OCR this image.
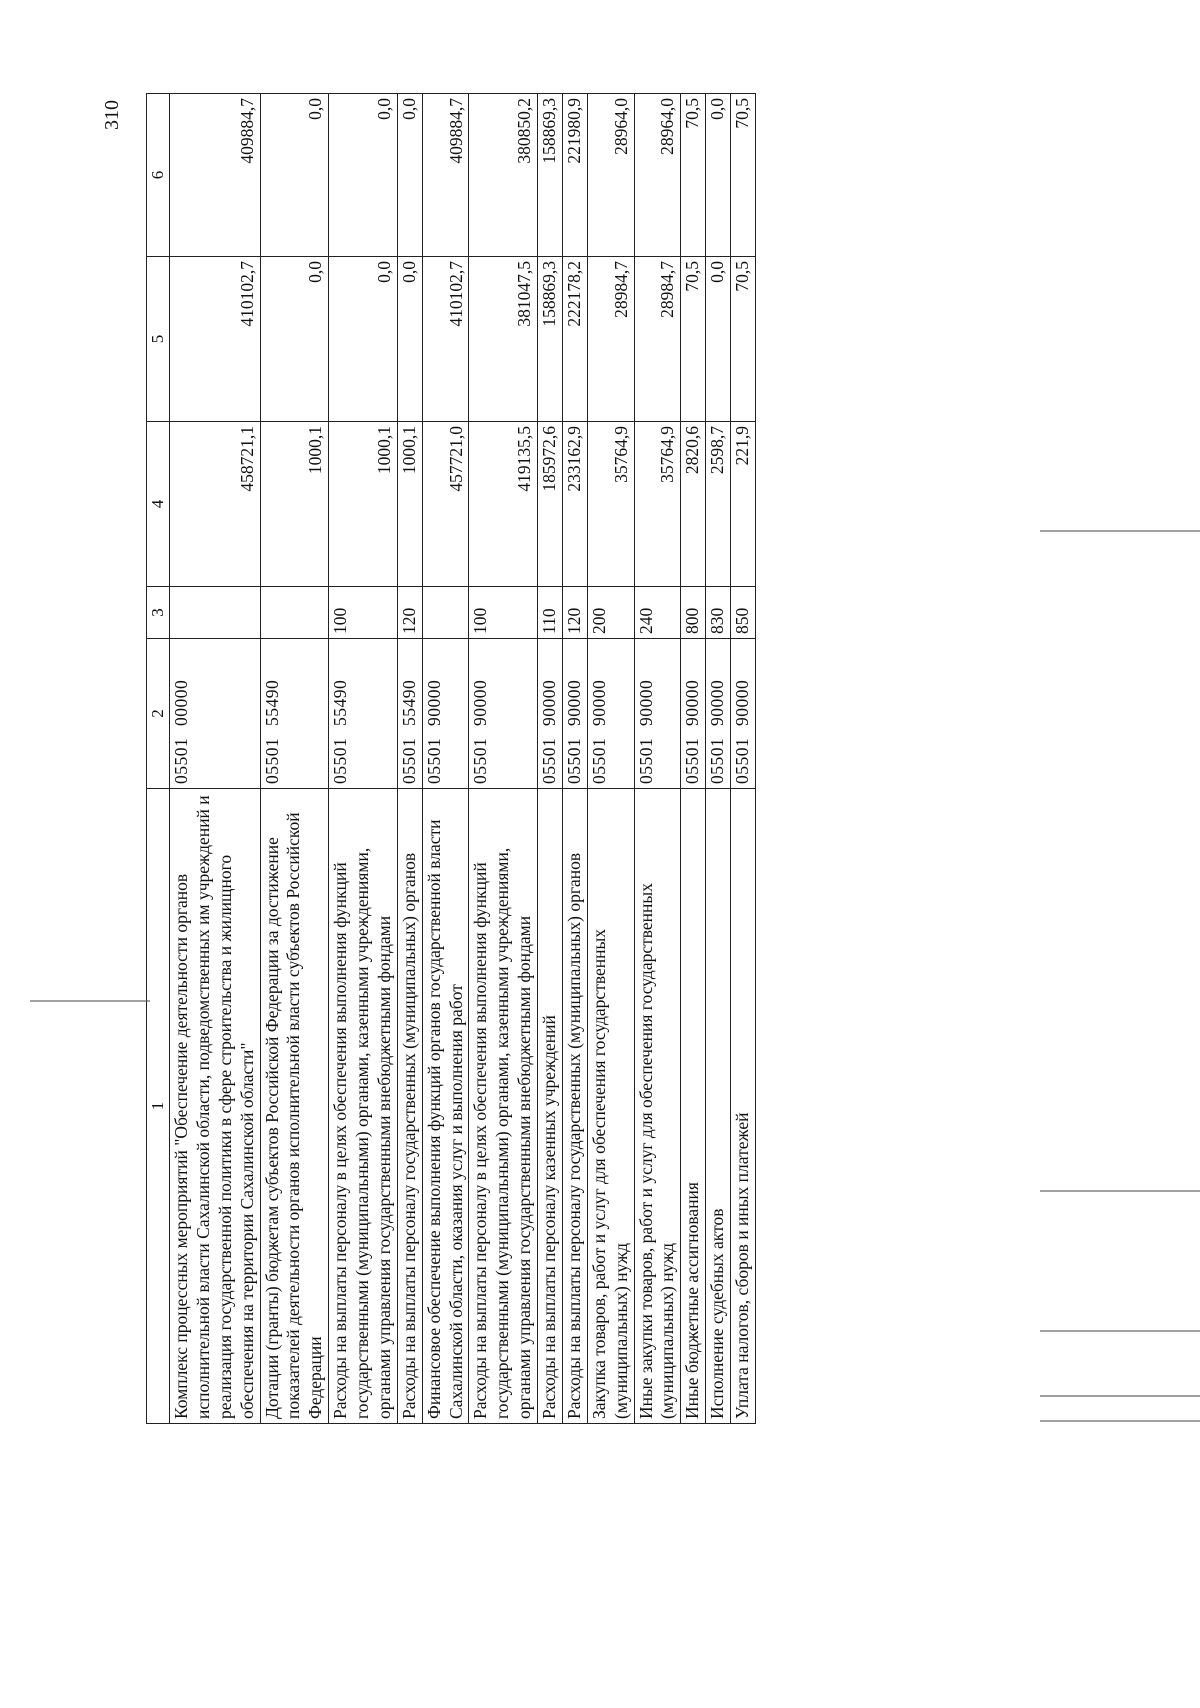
310
1	2	3	4	5	6
Комплекс процессных мероприятий "Обеспечение деятельности органов исполнительной власти Сахалинской области, подведомственных им учреждений и реализация государственной политики в сфере строительства и жилищного обеспечения на территории Сахалинской области"	0550100000		458721,1	410102,7	409884,7
Дотации (гранты) бюджетам субъектов Российской Федерации за достижение показателей деятельности органов исполнительной власти субъектов Российской Федерации	0550155490		1000,1	0,0	0,0
Расходы на выплаты персоналу в целях обеспечения выполнения функций государственными (муниципальными) органами, казенными учреждениями, органами управления государственными внебюджетными фондами	0550155490	100	1000,1	0,0	0,0
Расходы на выплаты персоналу государственных (муниципальных) органов	0550155490	120	1000,1	0,0	0,0
Финансовое обеспечение выполнения функций органов государственной власти Сахалинской области, оказания услуг и выполнения работ	0550190000		457721,0	410102,7	409884,7
Расходы на выплаты персоналу в целях обеспечения выполнения функций государственными (муниципальными) органами, казенными учреждениями, органами управления государственными внебюджетными фондами	0550190000	100	419135,5	381047,5	380850,2
Расходы на выплаты персоналу казенных учреждений	0550190000	110	185972,6	158869,3	158869,3
Расходы на выплаты персоналу государственных (муниципальных) органов	0550190000	120	233162,9	222178,2	221980,9
Закупка товаров, работ и услуг для обеспечения государственных (муниципальных) нужд	0550190000	200	35764,9	28984,7	28964,0
Иные закупки товаров, работ и услуг для обеспечения государственных (муниципальных) нужд	0550190000	240	35764,9	28984,7	28964,0
Иные бюджетные ассигнования	0550190000	800	2820,6	70,5	70,5
Исполнение судебных актов	0550190000	830	2598,7	0,0	0,0
Уплата налогов, сборов и иных платежей	0550190000	850	221,9	70,5	70,5
